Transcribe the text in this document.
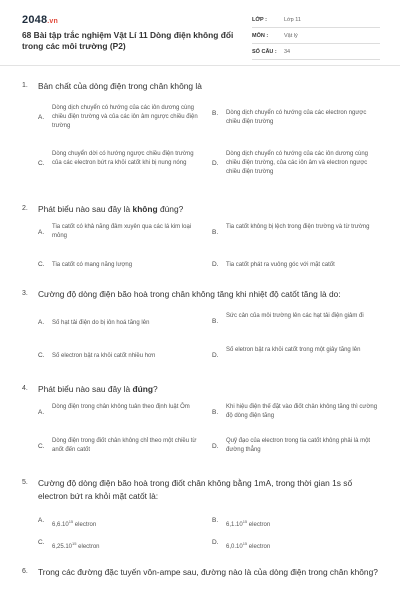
2048.vn
68 Bài tập trắc nghiệm Vật Lí 11 Dòng điện không đổi trong các môi trường (P2)
LỚP :	Lớp 11
MÔN :	Vật lý
SỐ CÂU :	34
1. Bản chất của dòng điện trong chân không là
A.
Dòng dịch chuyển có hướng của các iôn dương cùng chiều điện trường và của các iôn âm ngược chiều điện trường
B. Dòng dịch chuyển có hướng của các electron ngược chiều điện trường
C.
Dòng chuyển dời có hướng ngược chiều điện trường của các electron bứt ra khỏi catốt khi bị nung nóng	D.
Dòng dịch chuyển có hướng của các iôn dương cùng chiều điện trường, của các iôn âm và electron ngược chiều điện trường
2. Phát biểu nào sau đây là không đúng?
A.
Tia catốt có khả năng đâm xuyên qua các lá kim loại mỏng	B.
Tia catốt không bị lệch trong điện trường và từ trường
C. Tia catốt có mang năng lượng	D. Tia catốt phát ra vuông góc với mặt catốt
3. Cường độ dòng điện bão hoà trong chân không tăng khi nhiệt độ catốt tăng là do:
A. Số hạt tải điện do bị iôn hoá tăng lên	B.
Sức cản của môi trường lên các hạt tải điện giảm đi
C. Số electron bật ra khỏi catốt nhiều hơn	D.
Số eletron bật ra khỏi catốt trong một giây tăng lên
4. Phát biểu nào sau đây là đúng?
A.
Dòng điện trong chân không tuân theo định luật Ôm
B.
Khi hiệu điện thế đặt vào điốt chân không tăng thì cường độ dòng điện tăng
C.
Dòng điện trong điốt chân không chỉ theo một chiều từ anốt đến catốt	D.
Quỹ đạo của electron trong tia catốt không phải là một đường thẳng
5. Cường độ dòng điện bão hoà trong điốt chân không bằng 1mA, trong thời gian 1s số electron bứt ra khỏi mặt catốt là:
A.
6,6.10$^{15}$ electron
B.
6,1.10$^{15}$ electron
C.
6,25.10$^{15}$ electron
D.
6,0.10$^{15}$ electron
6. Trong các đường đặc tuyến vôn-ampe sau, đường nào là của dòng điện trong chân không?
